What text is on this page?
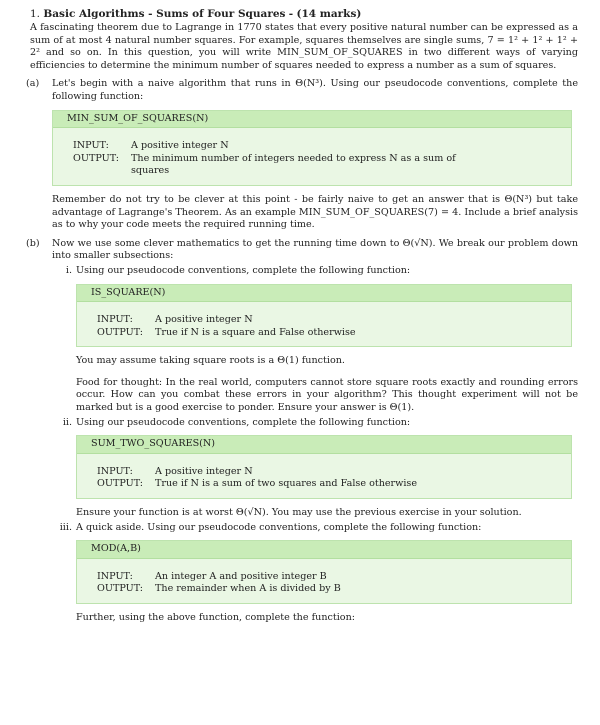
1. Basic Algorithms - Sums of Four Squares - (14 marks)

A fascinating theorem due to Lagrange in 1770 states that every positive natural number can be expressed as a sum of at most 4 natural number squares. For example, squares themselves are single sums, 7 = 1² + 1² + 1² + 2² and so on. In this question, you will write MIN_SUM_OF_SQUARES in two different ways of varying efficiencies to determine the minimum number of squares needed to express a number as a sum of squares.

(a) Let's begin with a naive algorithm that runs in Θ(N³). Using our pseudocode conventions, complete the following function:

MIN_SUM_OF_SQUARES(N)
INPUT:	A positive integer N
OUTPUT:	The minimum number of integers needed to express N as a sum of squares

Remember do not try to be clever at this point - be fairly naive to get an answer that is Θ(N³) but take advantage of Lagrange's Theorem. As an example MIN_SUM_OF_SQUARES(7) = 4. Include a brief analysis as to why your code meets the required running time.

(b) Now we use some clever mathematics to get the running time down to Θ(√N). We break our problem down into smaller subsections:

i. Using our pseudocode conventions, complete the following function:

IS_SQUARE(N)
INPUT:	A positive integer N
OUTPUT:	True if N is a square and False otherwise

You may assume taking square roots is a Θ(1) function.

Food for thought: In the real world, computers cannot store square roots exactly and rounding errors occur. How can you combat these errors in your algorithm? This thought experiment will not be marked but is a good exercise to ponder. Ensure your answer is Θ(1).

ii. Using our pseudocode conventions, complete the following function:

SUM_TWO_SQUARES(N)
INPUT:	A positive integer N
OUTPUT:	True if N is a sum of two squares and False otherwise

Ensure your function is at worst Θ(√N). You may use the previous exercise in your solution.

iii. A quick aside. Using our pseudocode conventions, complete the following function:

MOD(A,B)
INPUT:	An integer A and positive integer B
OUTPUT:	The remainder when A is divided by B

Further, using the above function, complete the function:
